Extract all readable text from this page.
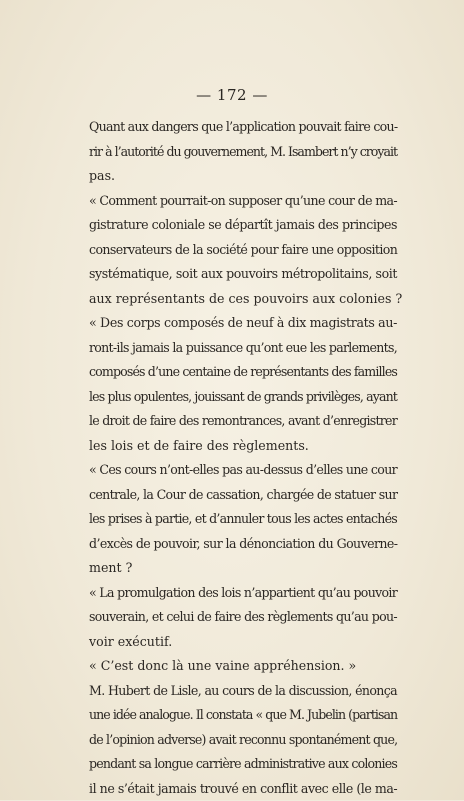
— 172 —
Quant aux dangers que l’application pouvait faire cou-
rir à l’autorité du gouvernement, M. Isambert n’y croyait
pas.
« Comment pourrait-on supposer qu’une cour de ma-
gistrature coloniale se départît jamais des principes
conservateurs de la société pour faire une opposition
systématique, soit aux pouvoirs métropolitains, soit
aux représentants de ces pouvoirs aux colonies ?
« Des corps composés de neuf à dix magistrats au-
ront-ils jamais la puissance qu’ont eue les parlements,
composés d’une centaine de représentants des familles
les plus opulentes, jouissant de grands privilèges, ayant
le droit de faire des remontrances, avant d’enregistrer
les lois et de faire des règlements.
« Ces cours n’ont-elles pas au-dessus d’elles une cour
centrale, la Cour de cassation, chargée de statuer sur
les prises à partie, et d’annuler tous les actes entachés
d’excès de pouvoir, sur la dénonciation du Gouverne-
ment ?
« La promulgation des lois n’appartient qu’au pouvoir
souverain, et celui de faire des règlements qu’au pou-
voir exécutif.
« C’est donc là une vaine appréhension. »
M. Hubert de Lisle, au cours de la discussion, énonça
une idée analogue. Il constata « que M. Jubelin (partisan
de l’opinion adverse) avait reconnu spontanément que,
pendant sa longue carrière administrative aux colonies
il ne s’était jamais trouvé en conflit avec elle (le ma-
